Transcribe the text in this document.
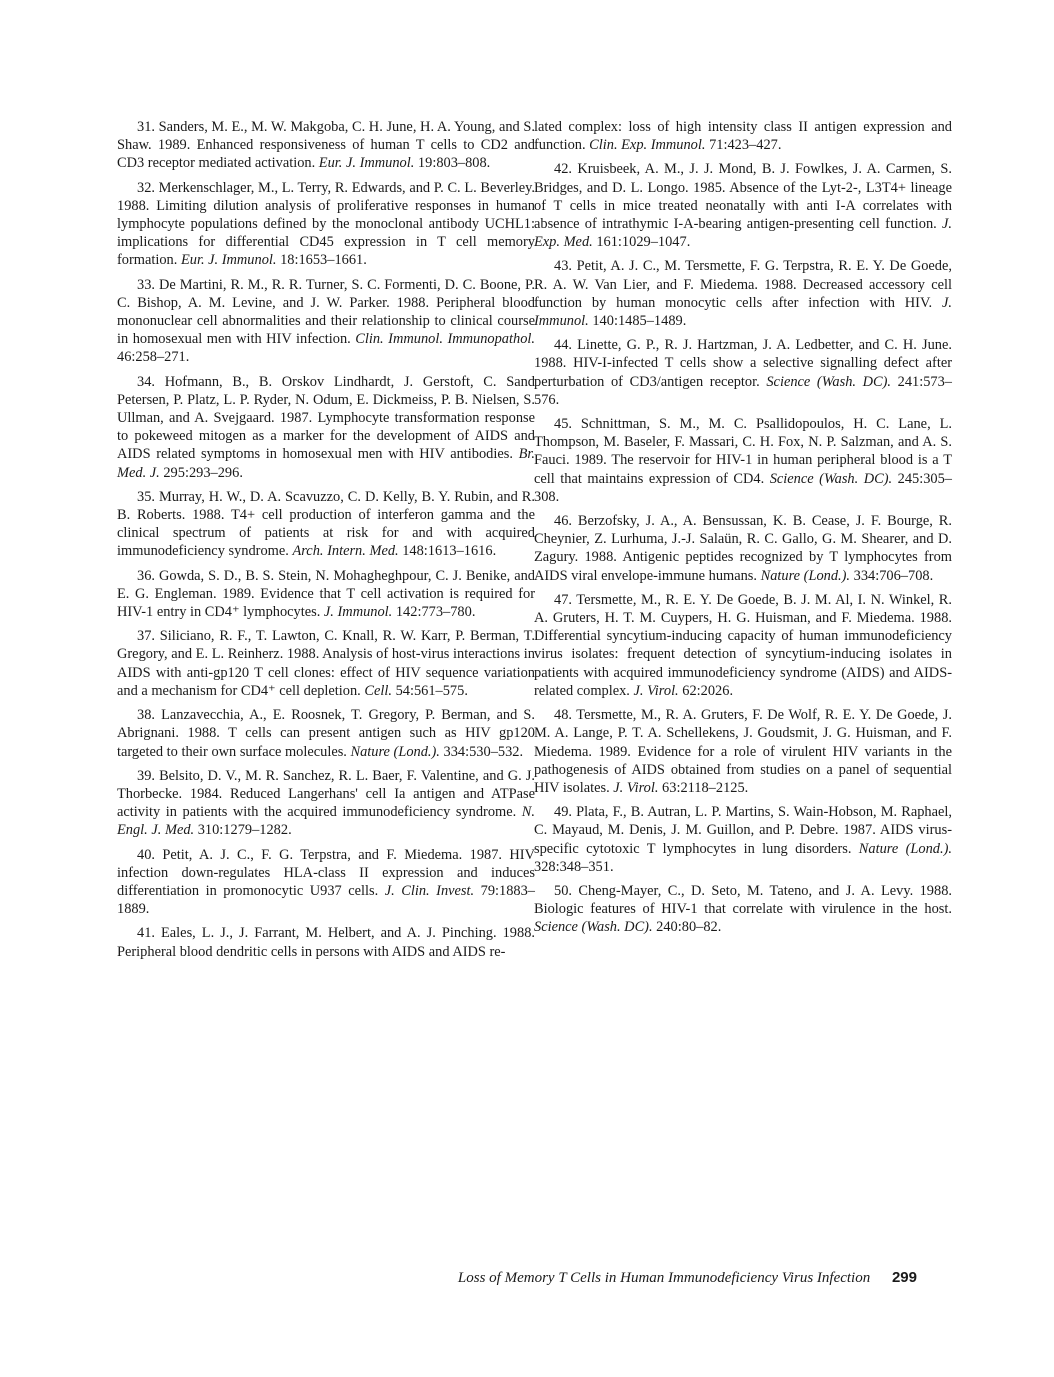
31. Sanders, M. E., M. W. Makgoba, C. H. June, H. A. Young, and S. Shaw. 1989. Enhanced responsiveness of human T cells to CD2 and CD3 receptor mediated activation. Eur. J. Immunol. 19:803–808.

32. Merkenschlager, M., L. Terry, R. Edwards, and P. C. L. Beverley. 1988. Limiting dilution analysis of proliferative responses in human lymphocyte populations defined by the monoclonal antibody UCHL1: implications for differential CD45 expression in T cell memory formation. Eur. J. Immunol. 18:1653–1661.

33. De Martini, R. M., R. R. Turner, S. C. Formenti, D. C. Boone, P. C. Bishop, A. M. Levine, and J. W. Parker. 1988. Peripheral blood mononuclear cell abnormalities and their relationship to clinical course in homosexual men with HIV infection. Clin. Immunol. Immunopathol. 46:258–271.

34. Hofmann, B., B. Orskov Lindhardt, J. Gerstoft, C. Sand Petersen, P. Platz, L. P. Ryder, N. Odum, E. Dickmeiss, P. B. Nielsen, S. Ullman, and A. Svejgaard. 1987. Lymphocyte transformation response to pokeweed mitogen as a marker for the development of AIDS and AIDS related symptoms in homosexual men with HIV antibodies. Br. Med. J. 295:293–296.

35. Murray, H. W., D. A. Scavuzzo, C. D. Kelly, B. Y. Rubin, and R. B. Roberts. 1988. T4+ cell production of interferon gamma and the clinical spectrum of patients at risk for and with acquired immunodeficiency syndrome. Arch. Intern. Med. 148:1613–1616.

36. Gowda, S. D., B. S. Stein, N. Mohagheghpour, C. J. Benike, and E. G. Engleman. 1989. Evidence that T cell activation is required for HIV-1 entry in CD4⁺ lymphocytes. J. Immunol. 142:773–780.

37. Siliciano, R. F., T. Lawton, C. Knall, R. W. Karr, P. Berman, T. Gregory, and E. L. Reinherz. 1988. Analysis of host-virus interactions in AIDS with anti-gp120 T cell clones: effect of HIV sequence variation and a mechanism for CD4⁺ cell depletion. Cell. 54:561–575.

38. Lanzavecchia, A., E. Roosnek, T. Gregory, P. Berman, and S. Abrignani. 1988. T cells can present antigen such as HIV gp120 targeted to their own surface molecules. Nature (Lond.). 334:530–532.

39. Belsito, D. V., M. R. Sanchez, R. L. Baer, F. Valentine, and G. J. Thorbecke. 1984. Reduced Langerhans' cell Ia antigen and ATPase activity in patients with the acquired immunodeficiency syndrome. N. Engl. J. Med. 310:1279–1282.

40. Petit, A. J. C., F. G. Terpstra, and F. Miedema. 1987. HIV infection down-regulates HLA-class II expression and induces differentiation in promonocytic U937 cells. J. Clin. Invest. 79:1883–1889.

41. Eales, L. J., J. Farrant, M. Helbert, and A. J. Pinching. 1988. Peripheral blood dendritic cells in persons with AIDS and AIDS re-

lated complex: loss of high intensity class II antigen expression and function. Clin. Exp. Immunol. 71:423–427.

42. Kruisbeek, A. M., J. J. Mond, B. J. Fowlkes, J. A. Carmen, S. Bridges, and D. L. Longo. 1985. Absence of the Lyt-2-, L3T4+ lineage of T cells in mice treated neonatally with anti I-A correlates with absence of intrathymic I-A-bearing antigen-presenting cell function. J. Exp. Med. 161:1029–1047.

43. Petit, A. J. C., M. Tersmette, F. G. Terpstra, R. E. Y. De Goede, R. A. W. Van Lier, and F. Miedema. 1988. Decreased accessory cell function by human monocytic cells after infection with HIV. J. Immunol. 140:1485–1489.

44. Linette, G. P., R. J. Hartzman, J. A. Ledbetter, and C. H. June. 1988. HIV-I-infected T cells show a selective signalling defect after perturbation of CD3/antigen receptor. Science (Wash. DC). 241:573–576.

45. Schnittman, S. M., M. C. Psallidopoulos, H. C. Lane, L. Thompson, M. Baseler, F. Massari, C. H. Fox, N. P. Salzman, and A. S. Fauci. 1989. The reservoir for HIV-1 in human peripheral blood is a T cell that maintains expression of CD4. Science (Wash. DC). 245:305–308.

46. Berzofsky, J. A., A. Bensussan, K. B. Cease, J. F. Bourge, R. Cheynier, Z. Lurhuma, J.-J. Salaün, R. C. Gallo, G. M. Shearer, and D. Zagury. 1988. Antigenic peptides recognized by T lymphocytes from AIDS viral envelope-immune humans. Nature (Lond.). 334:706–708.

47. Tersmette, M., R. E. Y. De Goede, B. J. M. Al, I. N. Winkel, R. A. Gruters, H. T. M. Cuypers, H. G. Huisman, and F. Miedema. 1988. Differential syncytium-inducing capacity of human immunodeficiency virus isolates: frequent detection of syncytium-inducing isolates in patients with acquired immunodeficiency syndrome (AIDS) and AIDS-related complex. J. Virol. 62:2026.

48. Tersmette, M., R. A. Gruters, F. De Wolf, R. E. Y. De Goede, J. M. A. Lange, P. T. A. Schellekens, J. Goudsmit, J. G. Huisman, and F. Miedema. 1989. Evidence for a role of virulent HIV variants in the pathogenesis of AIDS obtained from studies on a panel of sequential HIV isolates. J. Virol. 63:2118–2125.

49. Plata, F., B. Autran, L. P. Martins, S. Wain-Hobson, M. Raphael, C. Mayaud, M. Denis, J. M. Guillon, and P. Debre. 1987. AIDS virus-specific cytotoxic T lymphocytes in lung disorders. Nature (Lond.). 328:348–351.

50. Cheng-Mayer, C., D. Seto, M. Tateno, and J. A. Levy. 1988. Biologic features of HIV-1 that correlate with virulence in the host. Science (Wash. DC). 240:80–82.

Loss of Memory T Cells in Human Immunodeficiency Virus Infection 299
